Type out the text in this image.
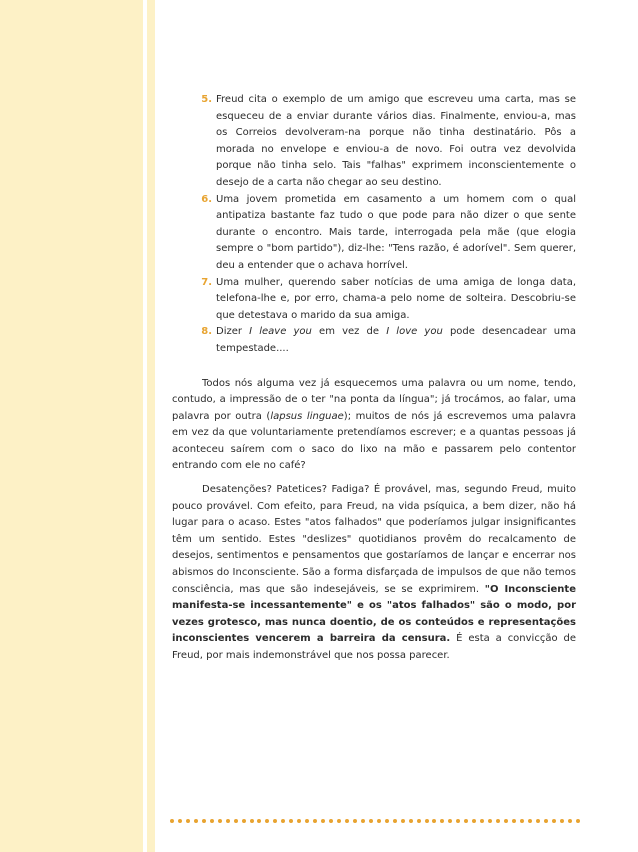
5. Freud cita o exemplo de um amigo que escreveu uma carta, mas se esqueceu de a enviar durante vários dias. Finalmente, enviou-a, mas os Correios devolveram-na porque não tinha destinatário. Pôs a morada no envelope e enviou-a de novo. Foi outra vez devolvida porque não tinha selo. Tais "falhas" exprimem inconscientemente o desejo de a carta não chegar ao seu destino.
6. Uma jovem prometida em casamento a um homem com o qual antipatiza bastante faz tudo o que pode para não dizer o que sente durante o encontro. Mais tarde, interrogada pela mãe (que elogia sempre o "bom partido"), diz-lhe: "Tens razão, é adorível". Sem querer, deu a entender que o achava horrível.
7. Uma mulher, querendo saber notícias de uma amiga de longa data, telefona-lhe e, por erro, chama-a pelo nome de solteira. Descobriu-se que detestava o marido da sua amiga.
8. Dizer I leave you em vez de I love you pode desencadear uma tempestade....

Todos nós alguma vez já esquecemos uma palavra ou um nome, tendo, contudo, a impressão de o ter "na ponta da língua"; já trocámos, ao falar, uma palavra por outra (lapsus linguae); muitos de nós já escrevemos uma palavra em vez da que voluntariamente pretendíamos escrever; e a quantas pessoas já aconteceu saírem com o saco do lixo na mão e passarem pelo contentor entrando com ele no café?

Desatenções? Patetices? Fadiga? É provável, mas, segundo Freud, muito pouco provável. Com efeito, para Freud, na vida psíquica, a bem dizer, não há lugar para o acaso. Estes "atos falhados" que poderíamos julgar insignificantes têm um sentido. Estes "deslizes" quotidianos provêm do recalcamento de desejos, sentimentos e pensamentos que gostaríamos de lançar e encerrar nos abismos do Inconsciente. São a forma disfarçada de impulsos de que não temos consciência, mas que são indesejáveis, se se exprimirem. "O Inconsciente manifesta-se incessantemente" e os "atos falhados" são o modo, por vezes grotesco, mas nunca doentio, de os conteúdos e representações inconscientes vencerem a barreira da censura. É esta a convicção de Freud, por mais indemonstrável que nos possa parecer.
